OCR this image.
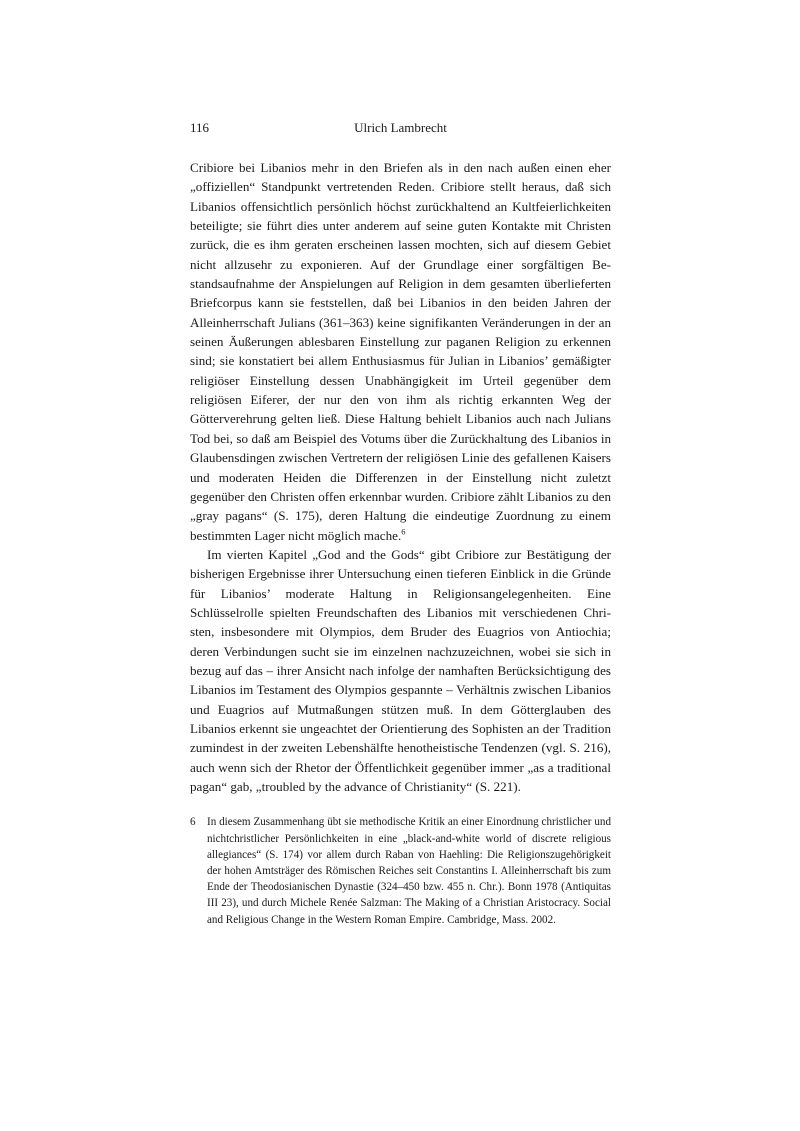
116	Ulrich Lambrecht

Cribiore bei Libanios mehr in den Briefen als in den nach außen einen eher „offiziellen“ Standpunkt vertretenden Reden. Cribiore stellt heraus, daß sich Libanios offensichtlich persönlich höchst zurückhaltend an Kultfeierlichkeiten beteiligte; sie führt dies unter anderem auf seine guten Kontakte mit Christen zurück, die es ihm geraten erscheinen lassen mochten, sich auf diesem Gebiet nicht allzusehr zu exponieren. Auf der Grundlage einer sorgfältigen Bestandsaufnahme der Anspielungen auf Religion in dem gesamten überlieferten Briefcorpus kann sie feststellen, daß bei Libanios in den beiden Jahren der Alleinherrschaft Julians (361–363) keine signifikanten Veränderungen in der an seinen Äußerungen ablesbaren Einstellung zur paganen Religion zu erkennen sind; sie konstatiert bei allem Enthusiasmus für Julian in Libanios’ gemäßigter religiöser Einstellung dessen Unabhängigkeit im Urteil gegenüber dem religiösen Eiferer, der nur den von ihm als richtig erkannten Weg der Götterverehrung gelten ließ. Diese Haltung behielt Libanios auch nach Julians Tod bei, so daß am Beispiel des Votums über die Zurückhaltung des Libanios in Glaubensdingen zwischen Vertretern der religiösen Linie des gefallenen Kaisers und moderaten Heiden die Differenzen in der Einstellung nicht zuletzt gegenüber den Christen offen erkennbar wurden. Cribiore zählt Libanios zu den „gray pagans“ (S. 175), deren Haltung die eindeutige Zuordnung zu einem bestimmten Lager nicht möglich mache.$^6$

Im vierten Kapitel „God and the Gods“ gibt Cribiore zur Bestätigung der bisherigen Ergebnisse ihrer Untersuchung einen tieferen Einblick in die Gründe für Libanios’ moderate Haltung in Religionsangelegenheiten. Eine Schlüsselrolle spielten Freundschaften des Libanios mit verschiedenen Christen, insbesondere mit Olympios, dem Bruder des Euagrios von Antiochia; deren Verbindungen sucht sie im einzelnen nachzuzeichnen, wobei sie sich in bezug auf das – ihrer Ansicht nach infolge der namhaften Berücksichtigung des Libanios im Testament des Olympios gespannte – Verhältnis zwischen Libanios und Euagrios auf Mutmaßungen stützen muß. In dem Götterglauben des Libanios erkennt sie ungeachtet der Orientierung des Sophisten an der Tradition zumindest in der zweiten Lebenshälfte henotheistische Tendenzen (vgl. S. 216), auch wenn sich der Rhetor der Öffentlichkeit gegenüber immer „as a traditional pagan“ gab, „troubled by the advance of Christianity“ (S. 221).

6 In diesem Zusammenhang übt sie methodische Kritik an einer Einordnung christlicher und nichtchristlicher Persönlichkeiten in eine „black-and-white world of discrete religious allegiances“ (S. 174) vor allem durch Raban von Haehling: Die Religionszugehörigkeit der hohen Amtsträger des Römischen Reiches seit Constantins I. Alleinherrschaft bis zum Ende der Theodosianischen Dynastie (324–450 bzw. 455 n. Chr.). Bonn 1978 (Antiquitas III 23), und durch Michele Renée Salzman: The Making of a Christian Aristocracy. Social and Religious Change in the Western Roman Empire. Cambridge, Mass. 2002.
